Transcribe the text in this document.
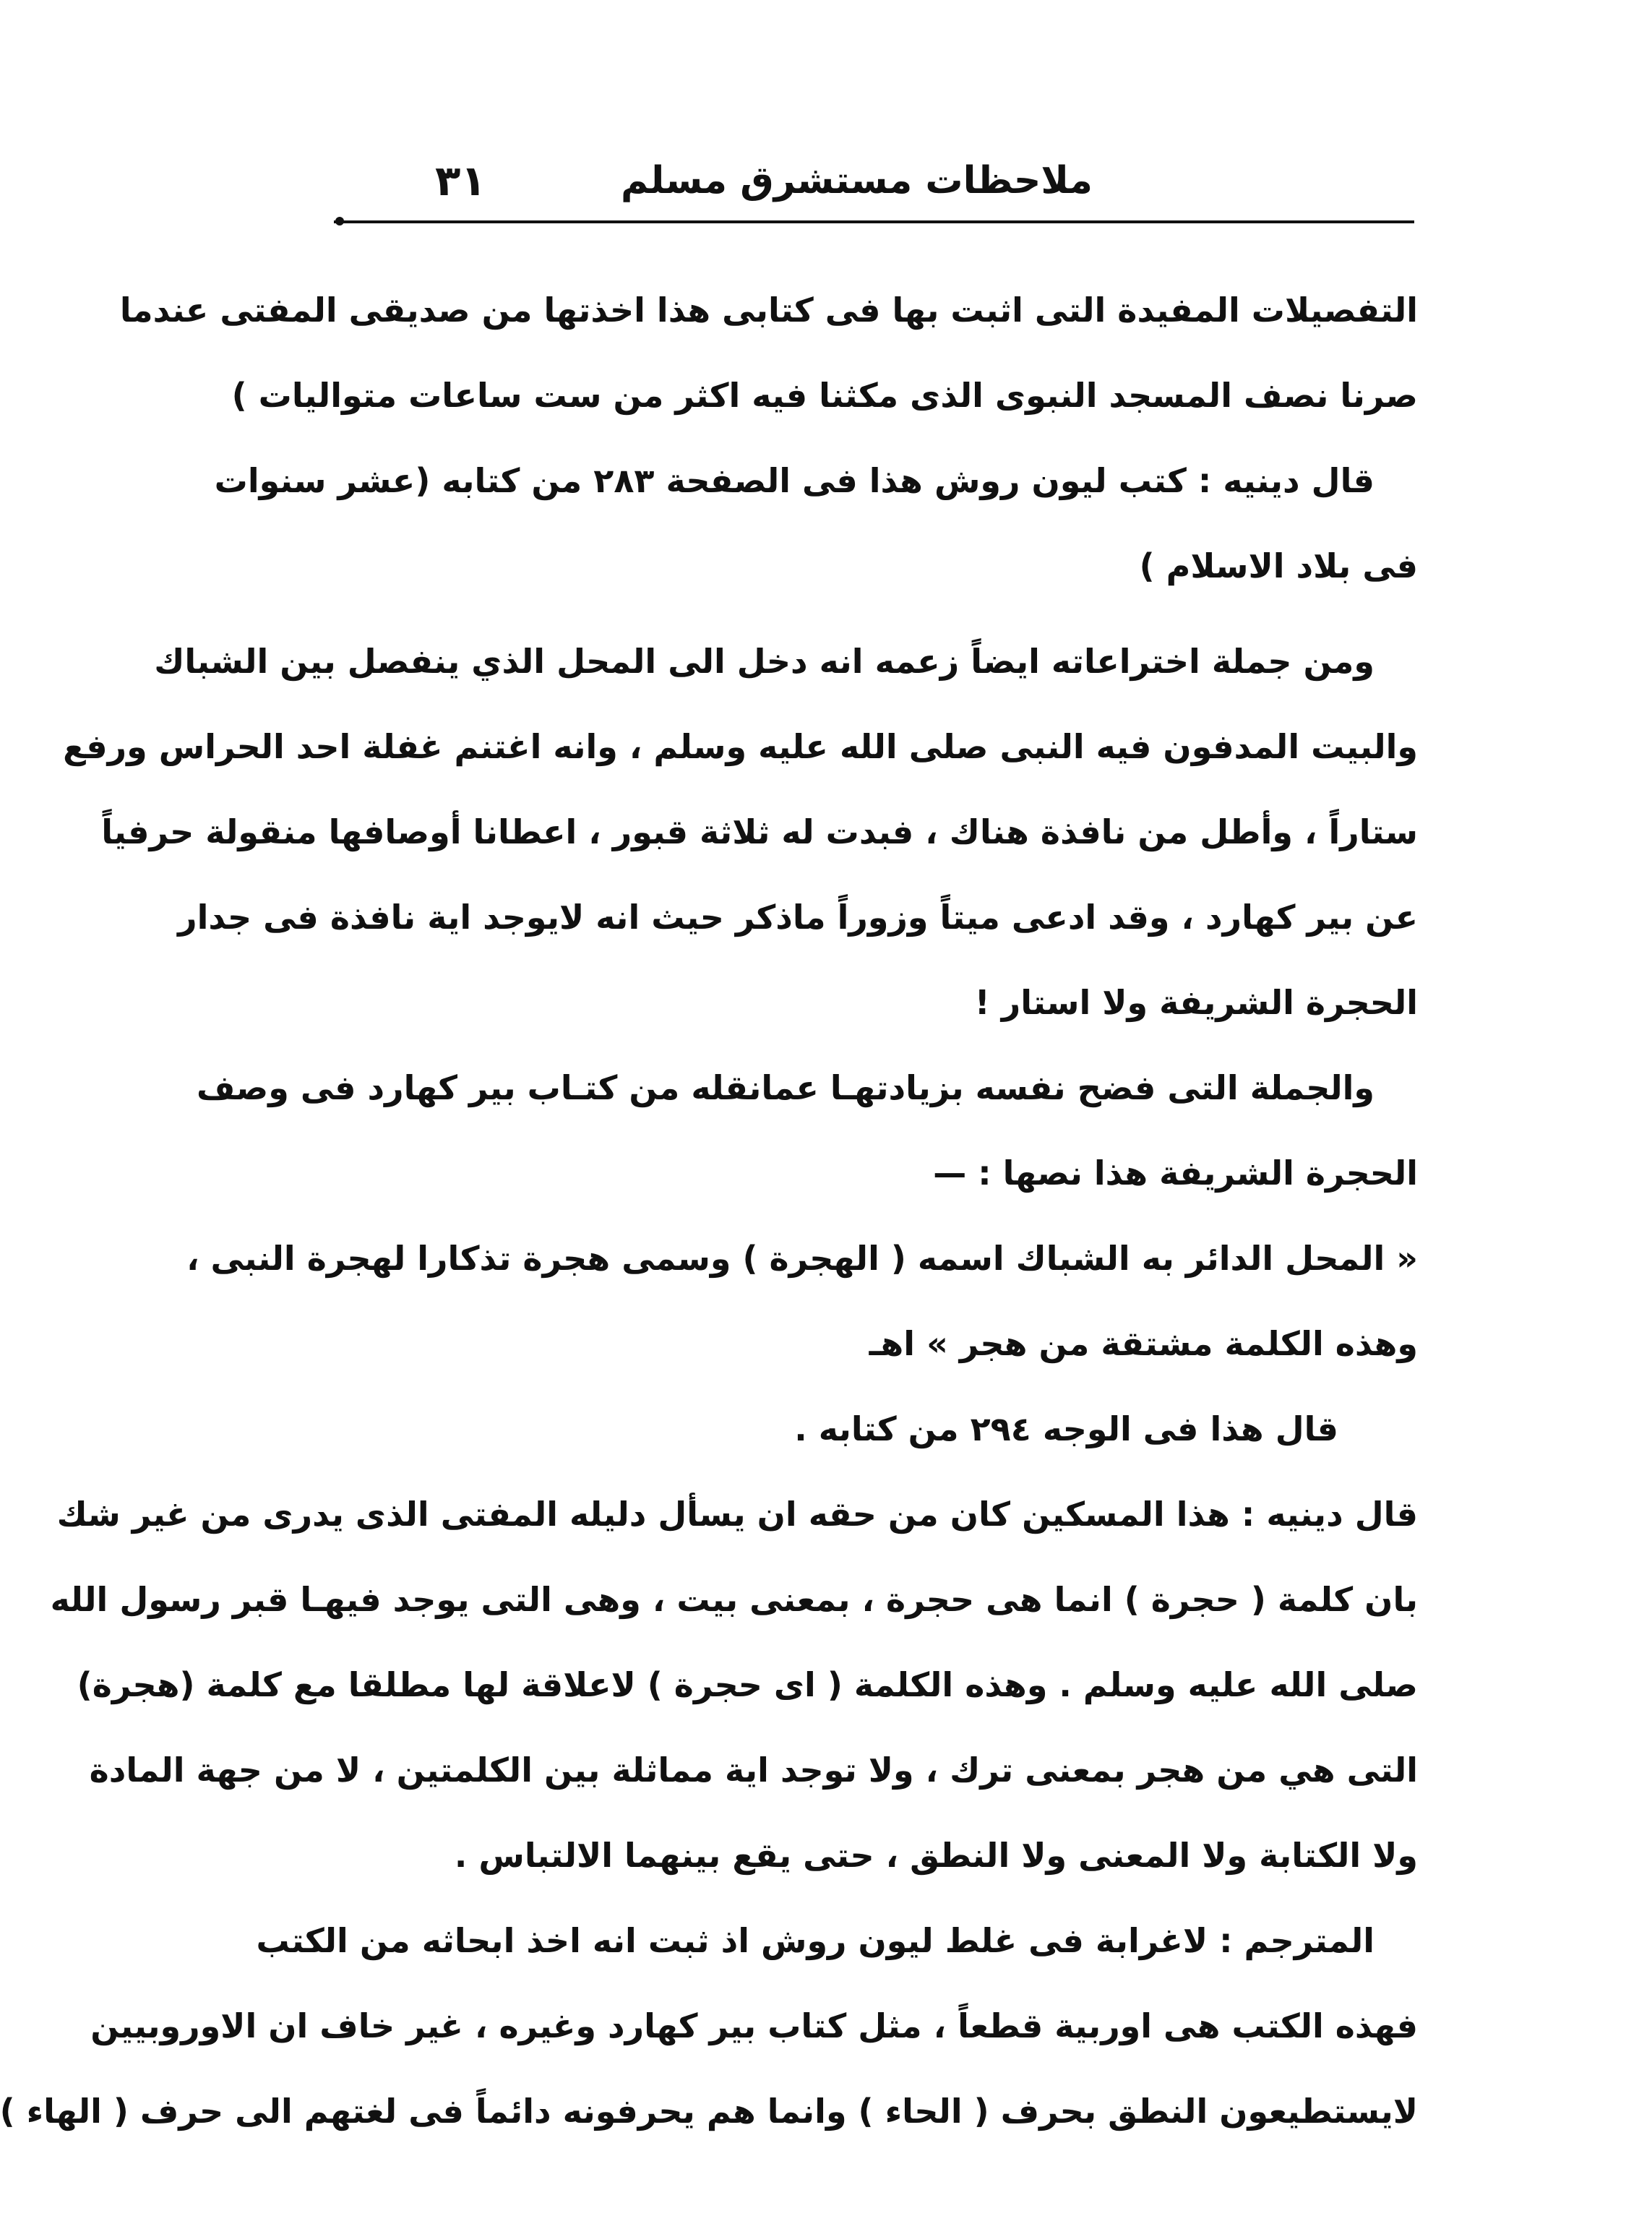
ملاحظات مستشرق مسلم
٣١
التفصيلات المفيدة التى اثبت بها فى كتابى هذا اخذتها من صديقى المفتى عندما
صرنا نصف المسجد النبوى الذى مكثنا فيه اكثر من ست ساعات متواليات )
قال دينيه : كتب ليون روش هذا فى الصفحة ٢٨٣ من كتابه (عشر سنوات
فى بلاد الاسلام )
ومن جملة اختراعاته ايضاً زعمه انه دخل الى المحل الذي ينفصل بين الشباك
والبيت المدفون فيه النبى صلى الله عليه وسلم ، وانه اغتنم غفلة احد الحراس ورفع
ستاراً ، وأطل من نافذة هناك ، فبدت له ثلاثة قبور ، اعطانا أوصافها منقولة حرفياً
عن بير كهارد ، وقد ادعى ميتاً وزوراً ماذكر حيث انه لايوجد اية نافذة فى جدار
الحجرة الشريفة ولا استار !
والجملة التى فضح نفسه بزيادتهـا عمانقله من كتـاب بير كهارد فى وصف
الحجرة الشريفة هذا نصها : —
« المحل الدائر به الشباك اسمه ( الهجرة ) وسمى هجرة تذكارا لهجرة النبى ،
وهذه الكلمة مشتقة من هجر » اهـ
قال هذا فى الوجه ٢٩٤ من كتابه .
قال دينيه : هذا المسكين كان من حقه ان يسأل دليله المفتى الذى يدرى من غير شك
بان كلمة ( حجرة ) انما هى حجرة ، بمعنى بيت ، وهى التى يوجد فيهـا قبر رسول الله
صلى الله عليه وسلم . وهذه الكلمة ( اى حجرة ) لاعلاقة لها مطلقا مع كلمة (هجرة)
التى هي من هجر بمعنى ترك ، ولا توجد اية مماثلة بين الكلمتين ، لا من جهة المادة
ولا الكتابة ولا المعنى ولا النطق ، حتى يقع بينهما الالتباس .
المترجم : لاغرابة فى غلط ليون روش اذ ثبت انه اخذ ابحاثه من الكتب
فهذه الكتب هى اوربية قطعاً ، مثل كتاب بير كهارد وغيره ، غير خاف ان الاوروبيين
لايستطيعون النطق بحرف ( الحاء ) وانما هم يحرفونه دائماً فى لغتهم الى حرف ( الهاء )
